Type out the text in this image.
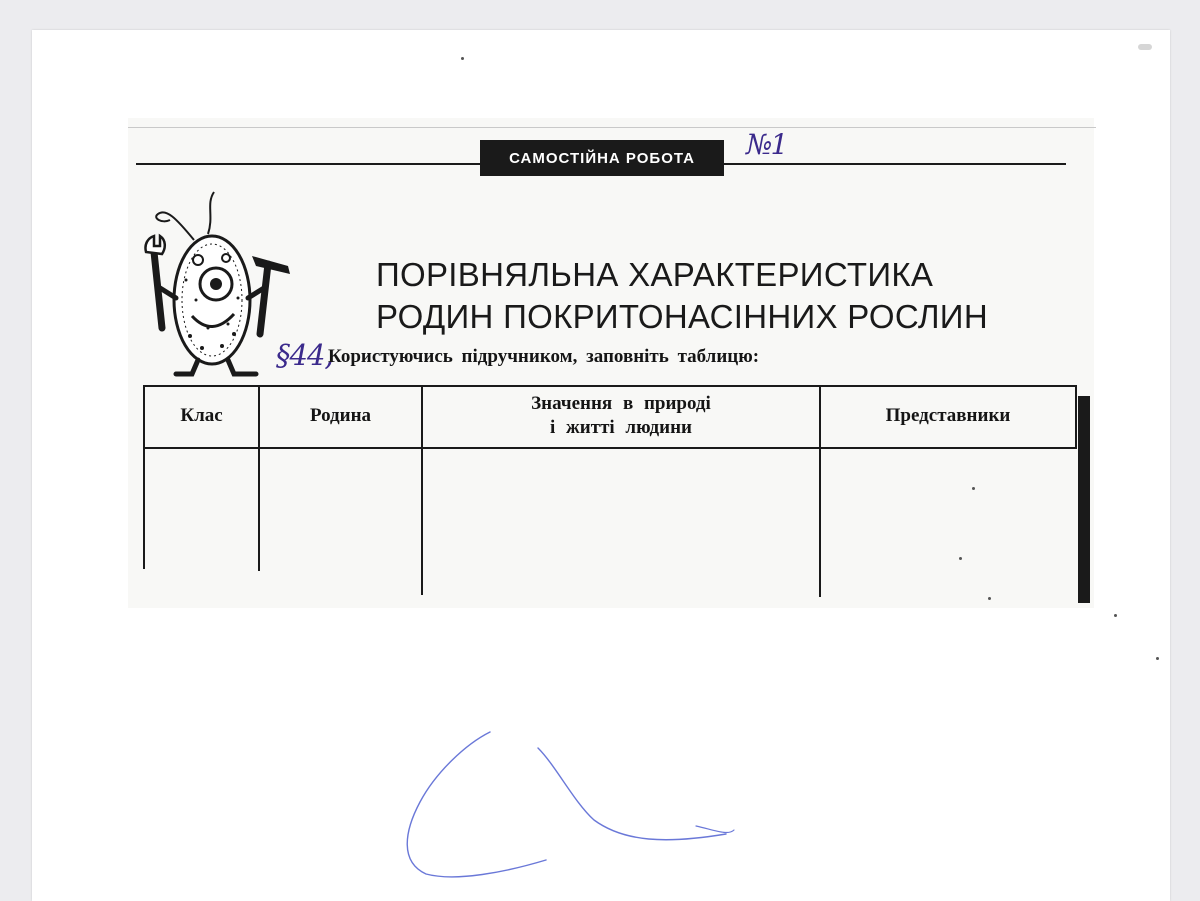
САМОСТІЙНА РОБОТА	№1
ПОРІВНЯЛЬНА ХАРАКТЕРИСТИКА
РОДИН ПОКРИТОНАСІННИХ РОСЛИН
§44,
Користуючись підручником, заповніть таблицю:
Клас	Родина
Значення в природі
і житті людини
Представники
